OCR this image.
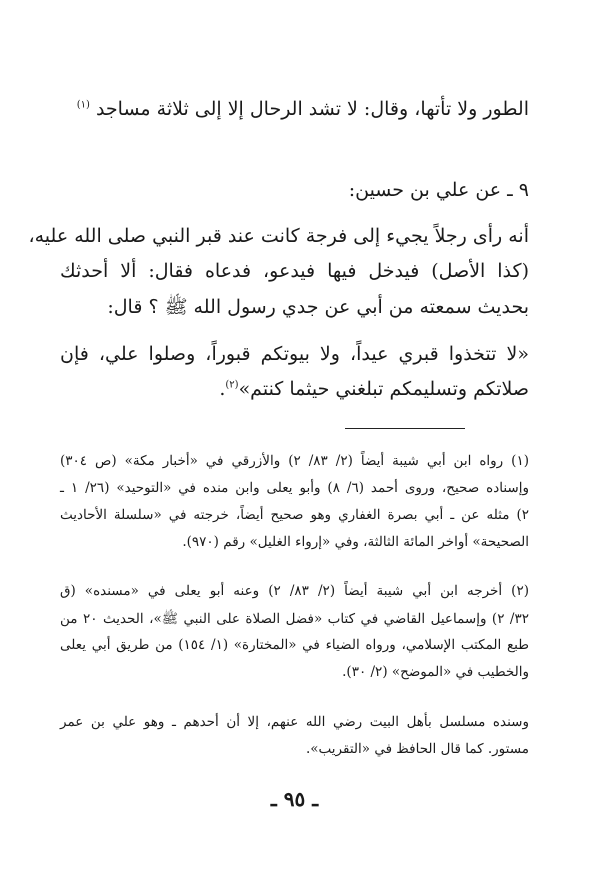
الطور ولا تأتها، وقال: لا تشد الرحال إلا إلى ثلاثة مساجد $^{(١)}$
٩ ـ عن علي بن حسين:
أنه رأى رجلاً يجيء إلى فرجة كانت عند قبر النبي صلى الله عليه،
(كذا الأصل) فيدخل فيها فيدعو، فدعاه فقال: ألا أحدثك
بحديث سمعته من أبي عن جدي رسول الله ﷺ ؟ قال:
«لا تتخذوا قبري عيداً، ولا بيوتكم قبوراً، وصلوا علي، فإن
صلاتكم وتسليمكم تبلغني حيثما كنتم»$^{(٢)}$.
(١) رواه ابن أبي شيبة أيضاً (٢/ ٨٣/ ٢) والأزرقي في «أخبار مكة» (ص ٣٠٤)
وإسناده صحيح، وروى أحمد (٦/ ٨) وأبو يعلى وابن منده في «التوحيد» (٢٦/ ١ ـ
٢) مثله عن ـ أبي بصرة الغفاري وهو صحيح أيضاً، خرجته في «سلسلة الأحاديث
الصحيحة» أواخر المائة الثالثة، وفي «إرواء الغليل» رقم (٩٧٠).
(٢) أخرجه ابن أبي شيبة أيضاً (٢/ ٨٣/ ٢) وعنه أبو يعلى في «مسنده» (ق
٣٢/ ٢) وإسماعيل القاضي في كتاب «فضل الصلاة على النبي ﷺ»، الحديث ٢٠ من
طبع المكتب الإسلامي، ورواه الضياء في «المختارة» (١/ ١٥٤) من طريق أبي يعلى
والخطيب في «الموضح» (٢/ ٣٠).
وسنده مسلسل بأهل البيت رضي الله عنهم، إلا أن أحدهم ـ وهو علي بن عمر
مستور. كما قال الحافظ في «التقريب».
ـ ٩٥ ـ
